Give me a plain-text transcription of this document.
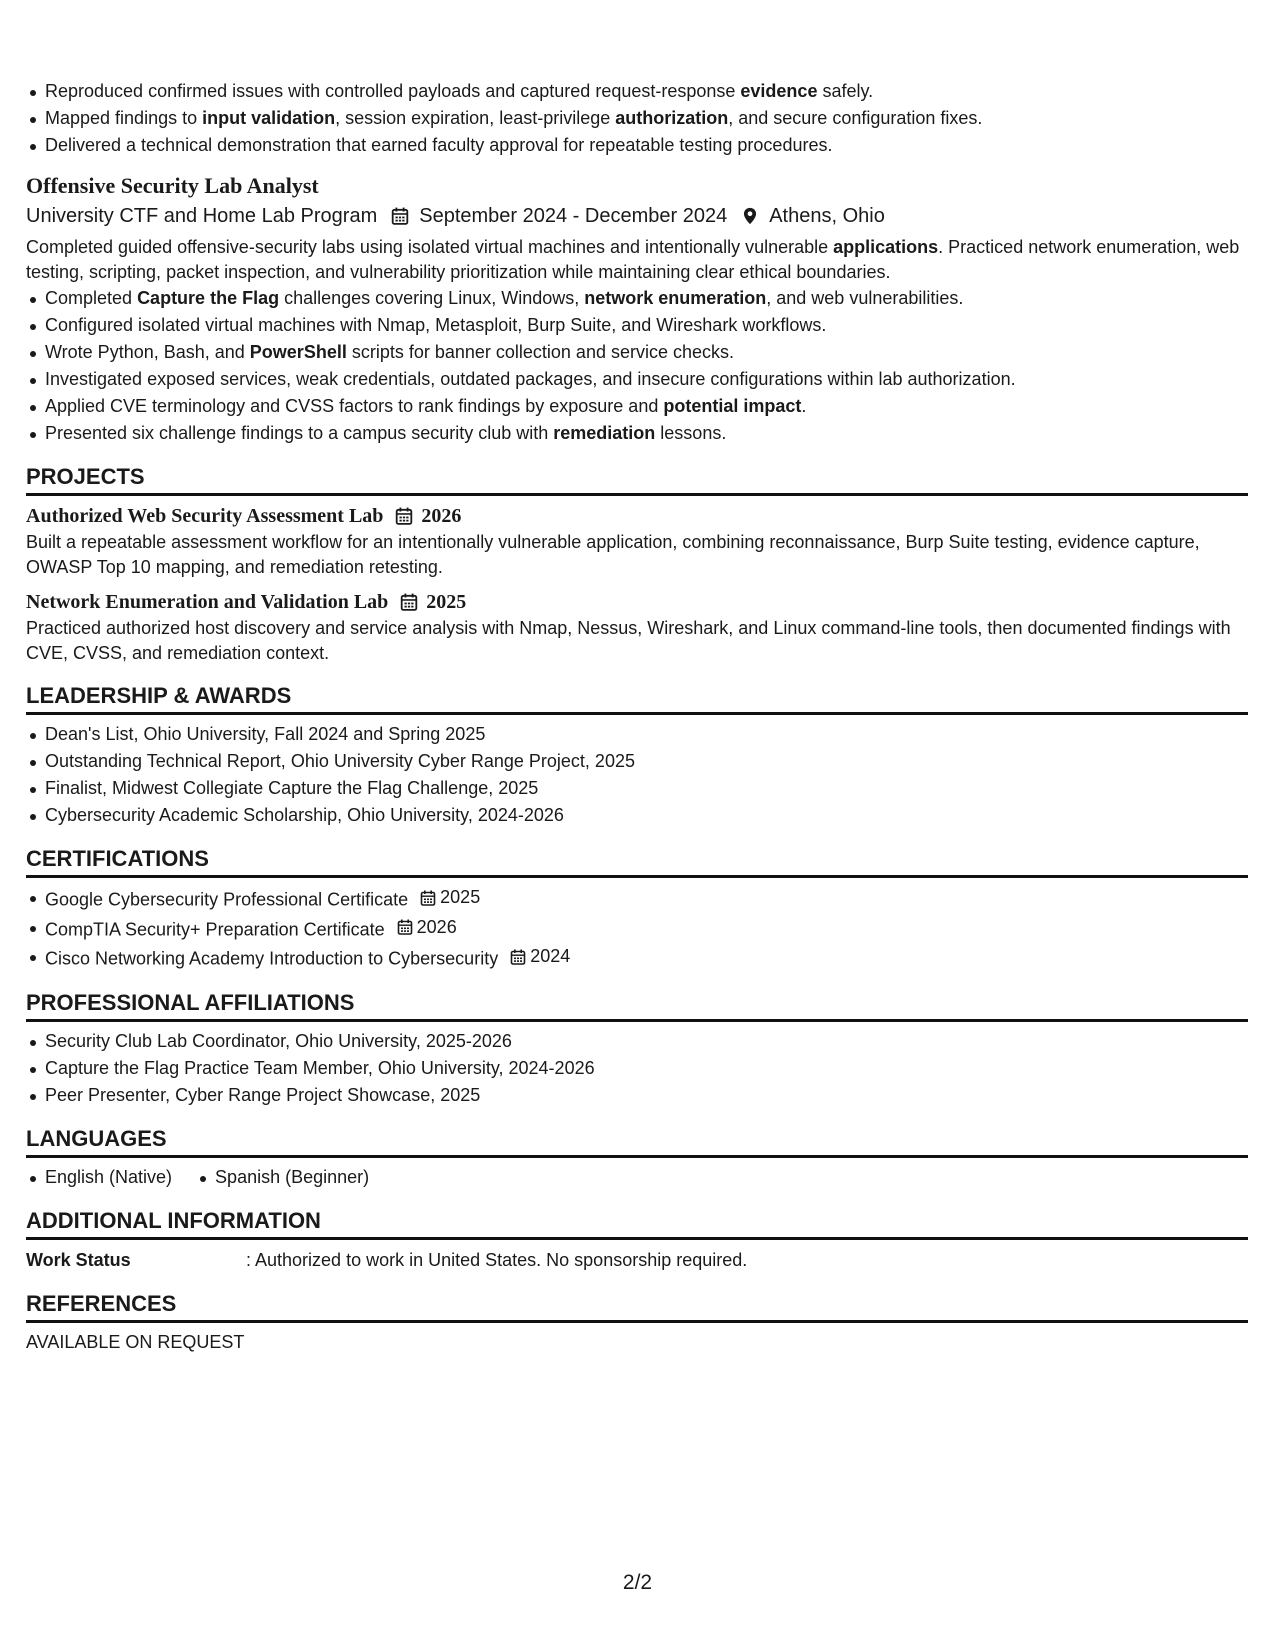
Reproduced confirmed issues with controlled payloads and captured request-response evidence safely.
Mapped findings to input validation, session expiration, least-privilege authorization, and secure configuration fixes.
Delivered a technical demonstration that earned faculty approval for repeatable testing procedures.
Offensive Security Lab Analyst
University CTF and Home Lab Program September 2024 - December 2024 Athens, Ohio

Completed guided offensive-security labs using isolated virtual machines and intentionally vulnerable applications. Practiced network enumeration, web testing, scripting, packet inspection, and vulnerability prioritization while maintaining clear ethical boundaries.

Completed Capture the Flag challenges covering Linux, Windows, network enumeration, and web vulnerabilities.
Configured isolated virtual machines with Nmap, Metasploit, Burp Suite, and Wireshark workflows.
Wrote Python, Bash, and PowerShell scripts for banner collection and service checks.
Investigated exposed services, weak credentials, outdated packages, and insecure configurations within lab authorization.
Applied CVE terminology and CVSS factors to rank findings by exposure and potential impact.
Presented six challenge findings to a campus security club with remediation lessons.
PROJECTS
Authorized Web Security Assessment Lab 2026
Built a repeatable assessment workflow for an intentionally vulnerable application, combining reconnaissance, Burp Suite testing, evidence capture, OWASP Top 10 mapping, and remediation retesting.
Network Enumeration and Validation Lab 2025
Practiced authorized host discovery and service analysis with Nmap, Nessus, Wireshark, and Linux command-line tools, then documented findings with CVE, CVSS, and remediation context.
LEADERSHIP & AWARDS
Dean's List, Ohio University, Fall 2024 and Spring 2025
Outstanding Technical Report, Ohio University Cyber Range Project, 2025
Finalist, Midwest Collegiate Capture the Flag Challenge, 2025
Cybersecurity Academic Scholarship, Ohio University, 2024-2026
CERTIFICATIONS
Google Cybersecurity Professional Certificate 2025
CompTIA Security+ Preparation Certificate 2026
Cisco Networking Academy Introduction to Cybersecurity 2024
PROFESSIONAL AFFILIATIONS
Security Club Lab Coordinator, Ohio University, 2025-2026
Capture the Flag Practice Team Member, Ohio University, 2024-2026
Peer Presenter, Cyber Range Project Showcase, 2025
LANGUAGES
English (Native)	Spanish (Beginner)
ADDITIONAL INFORMATION
Work Status	: Authorized to work in United States. No sponsorship required.
REFERENCES
AVAILABLE ON REQUEST
2/2
